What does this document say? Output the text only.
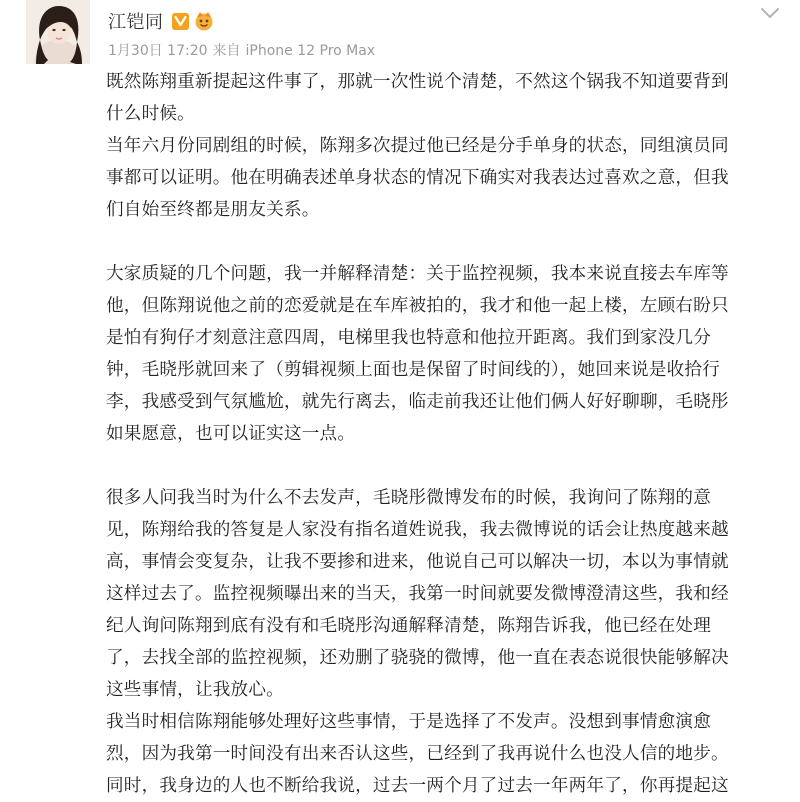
江铠同
1月30日 17:20 来自 iPhone 12 Pro Max
既然陈翔重新提起这件事了，那就一次性说个清楚，不然这个锅我不知道要背到
什么时候。
当年六月份同剧组的时候，陈翔多次提过他已经是分手单身的状态，同组演员同
事都可以证明。他在明确表述单身状态的情况下确实对我表达过喜欢之意，但我
们自始至终都是朋友关系。
大家质疑的几个问题，我一并解释清楚：关于监控视频，我本来说直接去车库等
他，但陈翔说他之前的恋爱就是在车库被拍的，我才和他一起上楼，左顾右盼只
是怕有狗仔才刻意注意四周，电梯里我也特意和他拉开距离。我们到家没几分
钟，毛晓彤就回来了（剪辑视频上面也是保留了时间线的），她回来说是收拾行
李，我感受到气氛尴尬，就先行离去，临走前我还让他们俩人好好聊聊，毛晓彤
如果愿意，也可以证实这一点。
很多人问我当时为什么不去发声，毛晓彤微博发布的时候，我询问了陈翔的意
见，陈翔给我的答复是人家没有指名道姓说我，我去微博说的话会让热度越来越
高，事情会变复杂，让我不要掺和进来，他说自己可以解决一切，本以为事情就
这样过去了。监控视频曝出来的当天，我第一时间就要发微博澄清这些，我和经
纪人询问陈翔到底有没有和毛晓彤沟通解释清楚，陈翔告诉我，他已经在处理
了，去找全部的监控视频，还劝删了骁骁的微博，他一直在表态说很快能够解决
这些事情，让我放心。
我当时相信陈翔能够处理好这些事情，于是选择了不发声。没想到事情愈演愈
烈，因为我第一时间没有出来否认这些，已经到了我再说什么也没人信的地步。
同时，我身边的人也不断给我说，过去一两个月了过去一年两年了，你再提起这
